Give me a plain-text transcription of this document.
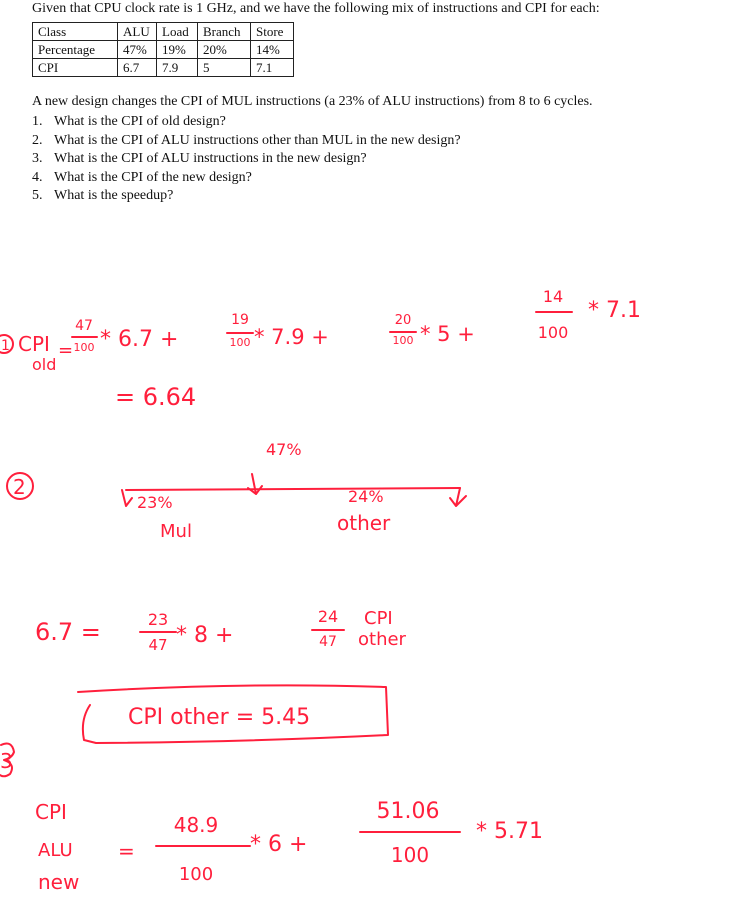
Given that CPU clock rate is 1 GHz, and we have the following mix of instructions and CPI for each:
Class	ALU	Load	Branch	Store
Percentage	47%	19%	20%	14%
CPI	6.7	7.9	5	7.1
A new design changes the CPI of MUL instructions (a 23% of ALU instructions) from 8 to 6 cycles.
1. What is the CPI of old design?
2. What is the CPI of ALU instructions other than MUL in the new design?
3. What is the CPI of ALU instructions in the new design?
4. What is the CPI of the new design?
5. What is the speedup?
1 CPI
old
=
47
100 * 6.7 +
19
100 * 7.9 +
20
100 * 5 +
14
100
* 7.1
= 6.64
47%
2
23%
Mul
24%
other
6.7 =	23
47 * 8 +
24
47
CPI
other
CPI other = 5.45
3
CPI
ALU
new
=
48.9
100
* 6 +
51.06
100
* 5.71
